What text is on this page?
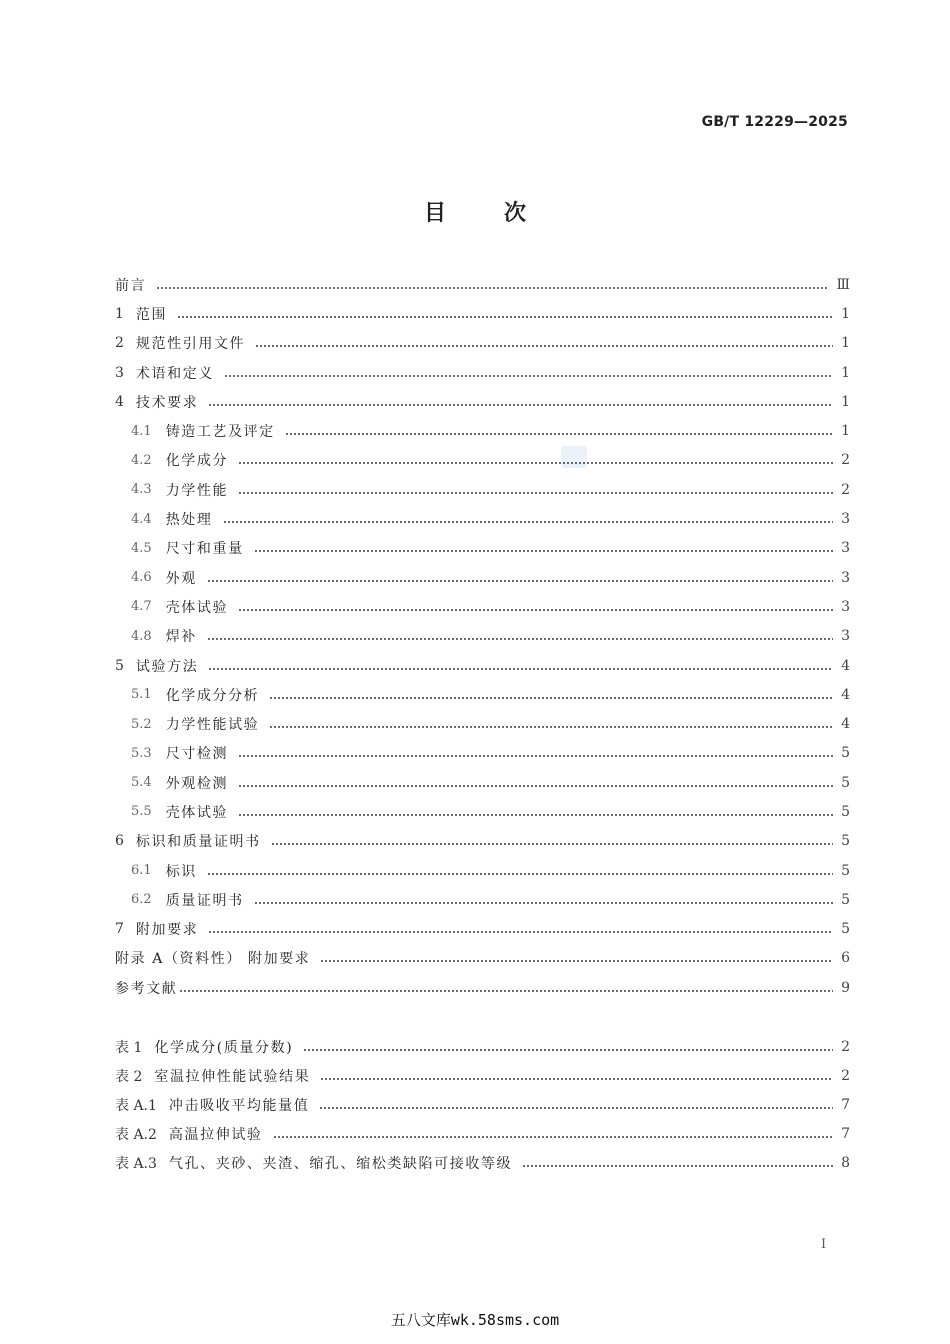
GB/T 12229—2025
目	次
前言	Ⅲ
1 范围	1
2 规范性引用文件	1
3 术语和定义	1
4 技术要求	1
4.1 铸造工艺及评定	1
4.2 化学成分	2
4.3 力学性能	2
4.4 热处理	3
4.5 尺寸和重量	3
4.6 外观	3
4.7 壳体试验	3
4.8 焊补	3
5 试验方法	4
5.1 化学成分分析	4
5.2 力学性能试验	4
5.3 尺寸检测	5
5.4 外观检测	5
5.5 壳体试验	5
6 标识和质量证明书	5
6.1 标识	5
6.2 质量证明书	5
7 附加要求	5
附录 A（资料性） 附加要求	6
参考文献	9
表 1 化学成分(质量分数)	2
表 2 室温拉伸性能试验结果	2
表 A.1 冲击吸收平均能量值	7
表 A.2 高温拉伸试验	7
表 A.3 气孔、夹砂、夹渣、缩孔、缩松类缺陷可接收等级	8
I
五八文库wk.58sms.com
